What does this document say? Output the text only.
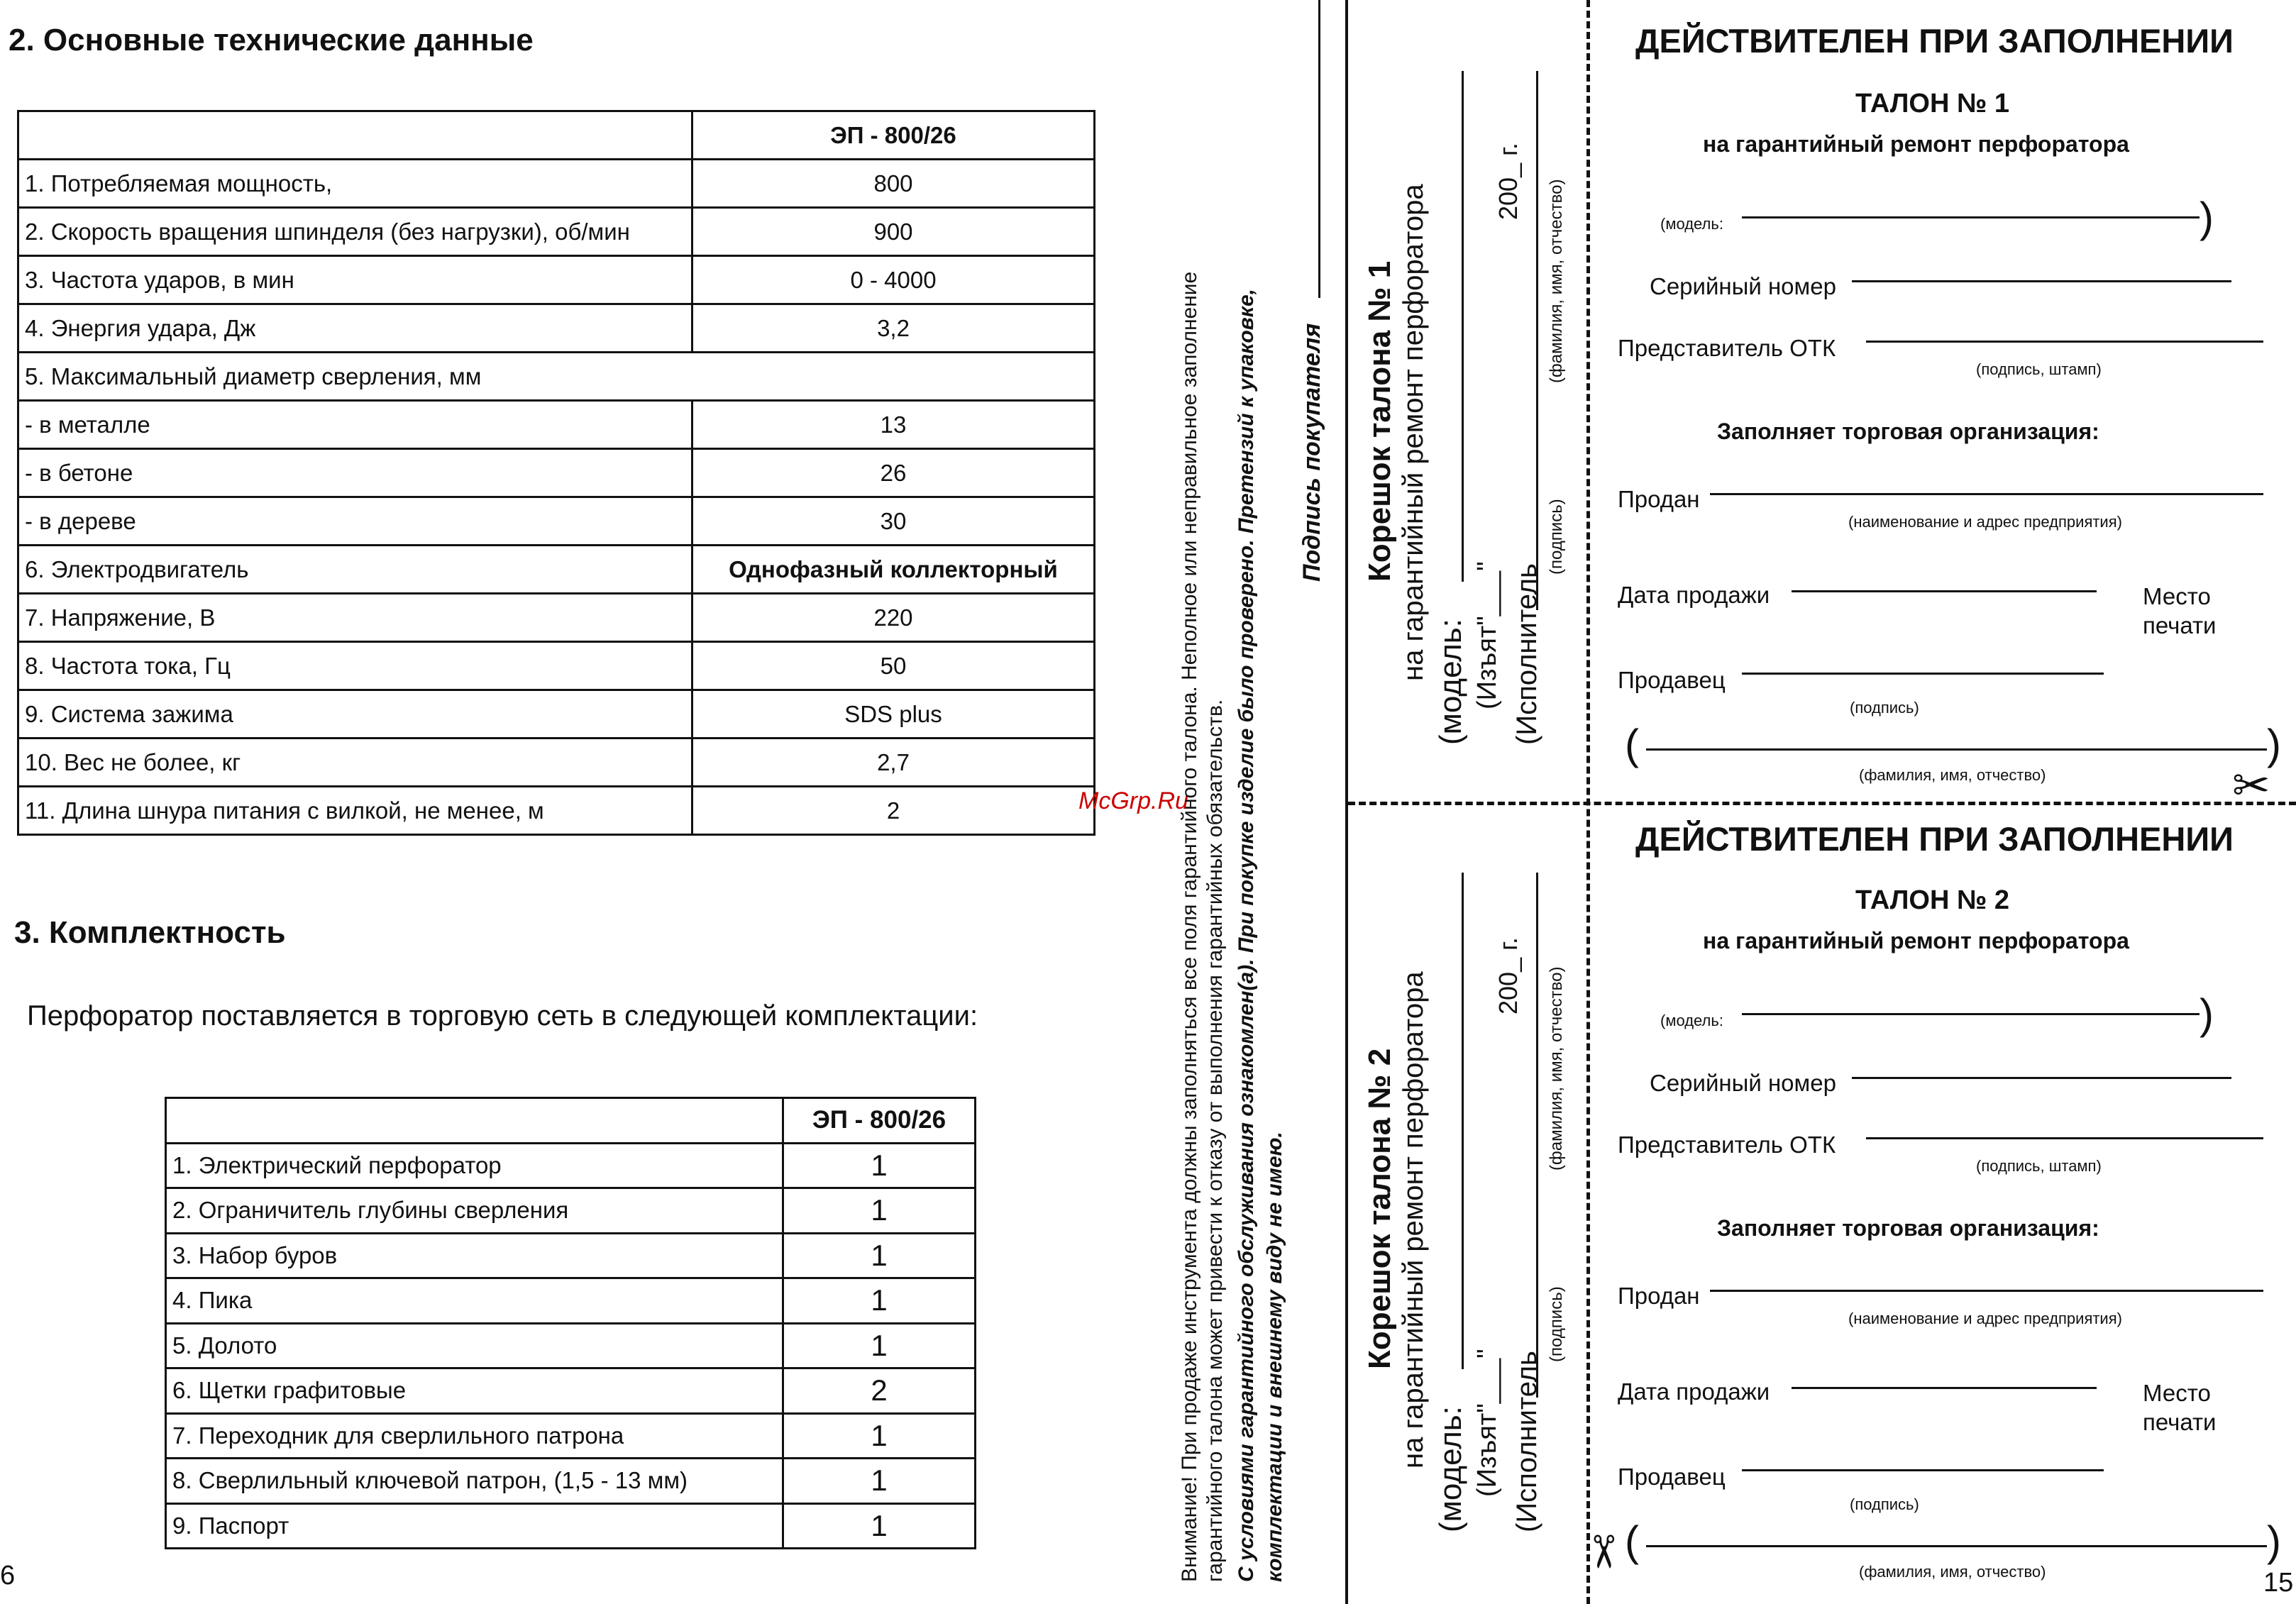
2. Основные технические данные
	ЭП - 800/26
1. Потребляемая мощность,	800
2. Скорость вращения шпинделя (без нагрузки), об/мин	900
3. Частота ударов, в мин	0 - 4000
4. Энергия удара, Дж	3,2
5. Максимальный диаметр сверления, мм	
- в металле	13
- в бетоне	26
- в дереве	30
6. Электродвигатель	Однофазный коллекторный
7. Напряжение, В	220
8. Частота тока, Гц	50
9. Система зажима	SDS plus
10. Вес не более, кг	2,7
11. Длина шнура питания с вилкой, не менее, м	2
3. Комплектность
Перфоратор поставляется в торговую сеть в следующей комплектации:
	ЭП - 800/26
1. Электрический перфоратор	1
2. Ограничитель глубины сверления	1
3. Набор буров	1
4. Пика	1
5. Долото	1
6. Щетки графитовые	2
7. Переходник для сверлильного патрона	1
8. Сверлильный ключевой патрон, (1,5 - 13 мм)	1
9. Паспорт	1
6
McGrp.Ru
Внимание! При продаже инструмента должны заполняться все поля гарантийного талона. Неполное или неправильное заполнение гарантийного талона может привести к отказу от выполнения гарантийных обязательств. С условиями гарантийного обслуживания ознакомлен(а). При покупке изделие было проверено. Претензий к упаковке, комплектации и внешнему виду не имею.
Подпись покупателя Корешок талона № 1 на гарантийный ремонт перфоратора
(модель: (Изъят"___"
200_ г.
(Исполнитель
(подпись)
(фамилия, имя, отчество)
Корешок талона № 2 на гарантийный ремонт перфоратора
(модель: (Изъят"___"
200_ г.
(Исполнитель
(подпись)
(фамилия, имя, отчество)
ДЕЙСТВИТЕЛЕН ПРИ ЗАПОЛНЕНИИ
ТАЛОН № 1
на гарантийный ремонт перфоратора
(модель:	)
Серийный номер
Представитель ОТК
(подпись, штамп)
Заполняет торговая организация:
Продан
(наименование и адрес предприятия)
Дата продажи	Место
печати
Продавец
(подпись)
(	)
(фамилия, имя, отчество)	✂
ДЕЙСТВИТЕЛЕН ПРИ ЗАПОЛНЕНИИ
ТАЛОН № 2
на гарантийный ремонт перфоратора
(модель:	)
Серийный номер
Представитель ОТК
(подпись, штамп)
Заполняет торговая организация:
Продан
(наименование и адрес предприятия)
Дата продажи	Место
печати
Продавец
(подпись)
(	)
(фамилия, имя, отчество)
✂
15
